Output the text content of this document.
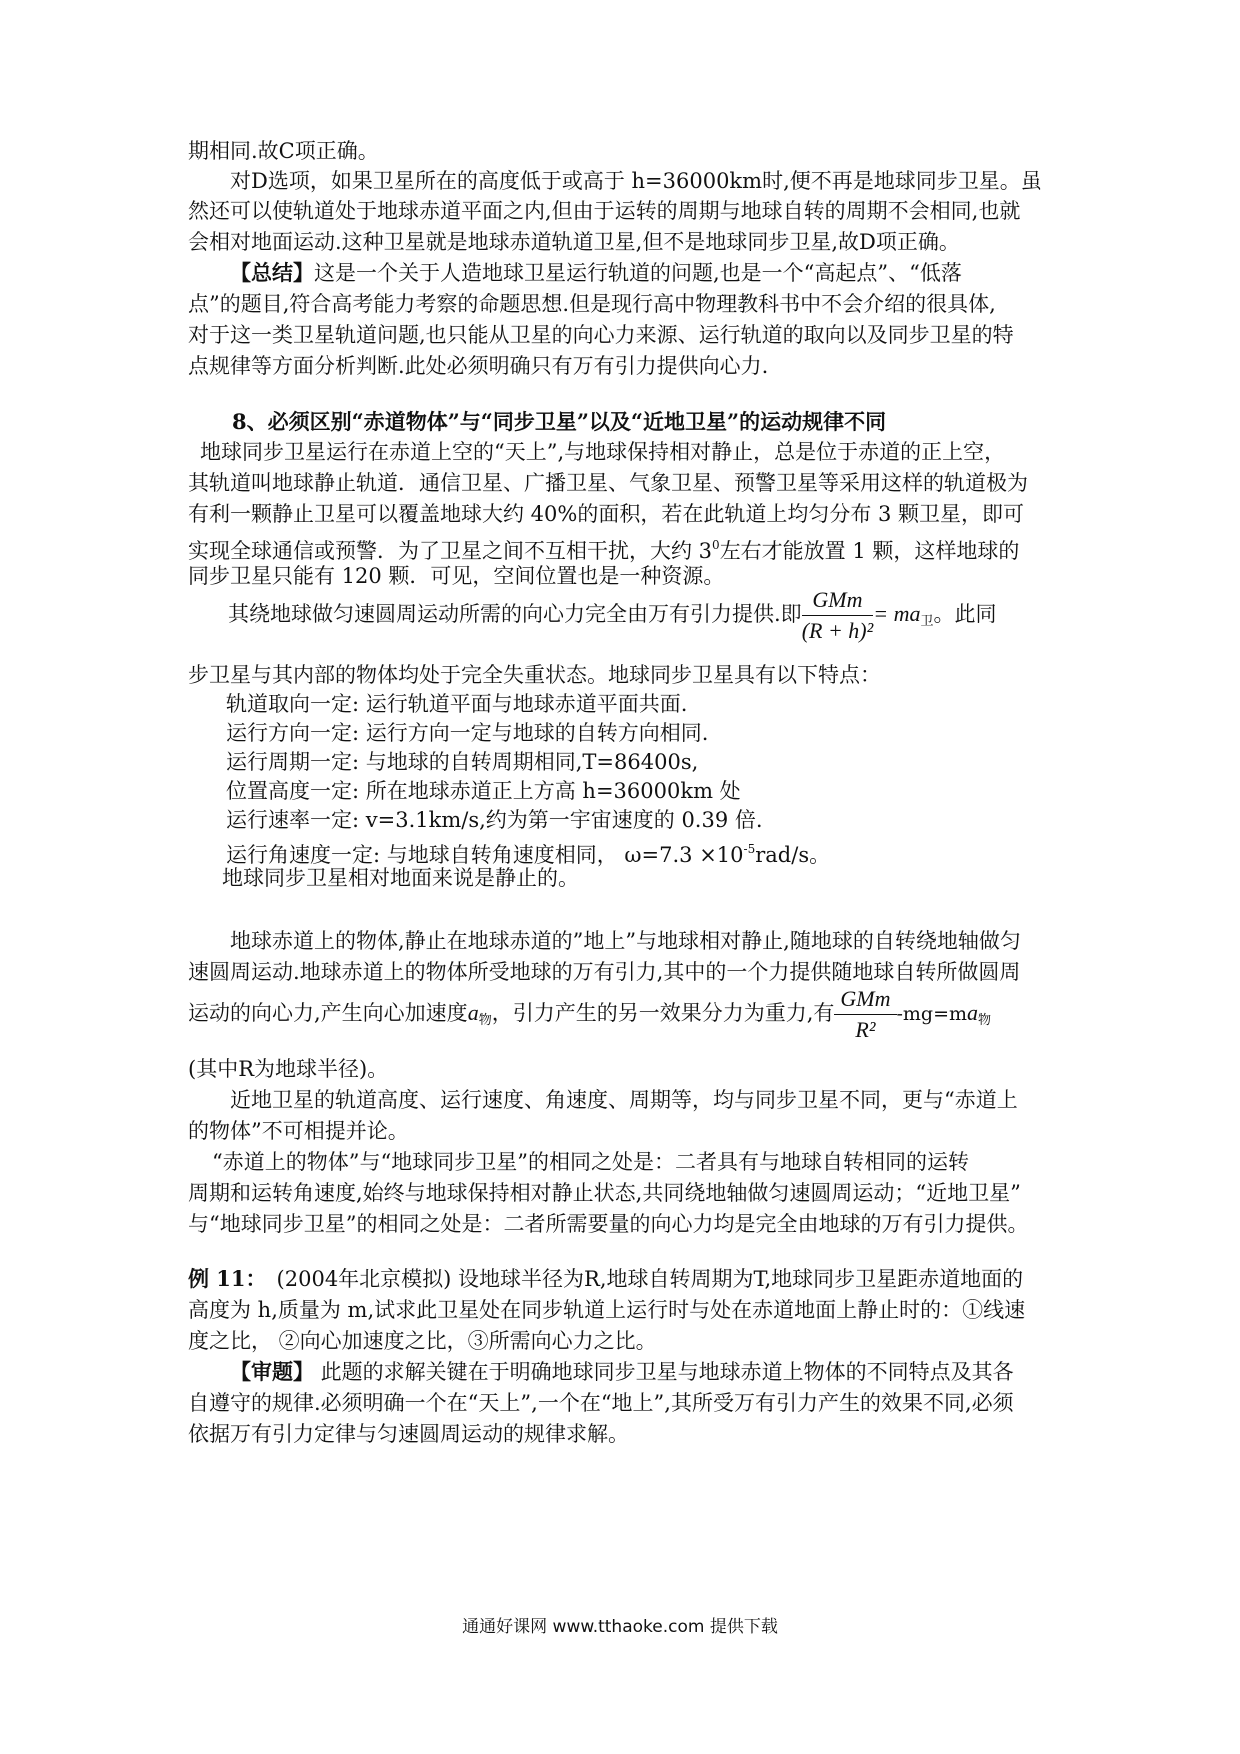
期相同.故C项正确。
对D选项，如果卫星所在的高度低于或高于 h=36000km时,便不再是地球同步卫星。虽
然还可以使轨道处于地球赤道平面之内,但由于运转的周期与地球自转的周期不会相同,也就
会相对地面运动.这种卫星就是地球赤道轨道卫星,但不是地球同步卫星,故D项正确。
【总结】这是一个关于人造地球卫星运行轨道的问题,也是一个“高起点”、“低落
点”的题目,符合高考能力考察的命题思想.但是现行高中物理教科书中不会介绍的很具体,
对于这一类卫星轨道问题,也只能从卫星的向心力来源、运行轨道的取向以及同步卫星的特
点规律等方面分析判断.此处必须明确只有万有引力提供向心力.
8、必须区别“赤道物体”与“同步卫星”以及“近地卫星”的运动规律不同
地球同步卫星运行在赤道上空的“天上”,与地球保持相对静止，总是位于赤道的正上空，
其轨道叫地球静止轨道．通信卫星、广播卫星、气象卫星、预警卫星等采用这样的轨道极为
有利一颗静止卫星可以覆盖地球大约 40%的面积，若在此轨道上均匀分布 3 颗卫星，即可
实现全球通信或预警．为了卫星之间不互相干扰，大约 $3^0$左右才能放置 1 颗，这样地球的
同步卫星只能有 120 颗．可见，空间位置也是一种资源。
其绕地球做匀速圆周运动所需的向心力完全由万有引力提供.即 $\frac{\text{GMm}}{\text{(R + h)²}} = ma_卫$。此同
步卫星与其内部的物体均处于完全失重状态。地球同步卫星具有以下特点：
轨道取向一定: 运行轨道平面与地球赤道平面共面.
运行方向一定: 运行方向一定与地球的自转方向相同.
运行周期一定: 与地球的自转周期相同,T=86400s,
位置高度一定: 所在地球赤道正上方高 h=36000km 处
运行速率一定: v=3.1km/s,约为第一宇宙速度的 0.39 倍.
运行角速度一定: 与地球自转角速度相同， $\omega=7.3 \times 10^{-5}rad/s$。
地球同步卫星相对地面来说是静止的。
地球赤道上的物体,静止在地球赤道的”地上”与地球相对静止,随地球的自转绕地轴做匀
速圆周运动.地球赤道上的物体所受地球的万有引力,其中的一个力提供随地球自转所做圆周
运动的向心力,产生向心加速度$a_物$，引力产生的另一效果分力为重力,有 $\frac{\text{GMm}}{\text{R²}} -mg=ma_物$
(其中R为地球半径)。
近地卫星的轨道高度、运行速度、角速度、周期等，均与同步卫星不同，更与“赤道上
的物体”不可相提并论。
“赤道上的物体”与“地球同步卫星”的相同之处是：二者具有与地球自转相同的运转
周期和运转角速度,始终与地球保持相对静止状态,共同绕地轴做匀速圆周运动；“近地卫星”
与“地球同步卫星”的相同之处是：二者所需要量的向心力均是完全由地球的万有引力提供。
例 11： (2004年北京模拟) 设地球半径为R,地球自转周期为T,地球同步卫星距赤道地面的
高度为 h,质量为 m,试求此卫星处在同步轨道上运行时与处在赤道地面上静止时的：①线速
度之比， ②向心加速度之比，③所需向心力之比。
【审题】 此题的求解关键在于明确地球同步卫星与地球赤道上物体的不同特点及其各
自遵守的规律.必须明确一个在“天上”,一个在“地上”,其所受万有引力产生的效果不同,必须
依据万有引力定律与匀速圆周运动的规律求解。
通通好课网 www.tthaoke.com 提供下载
